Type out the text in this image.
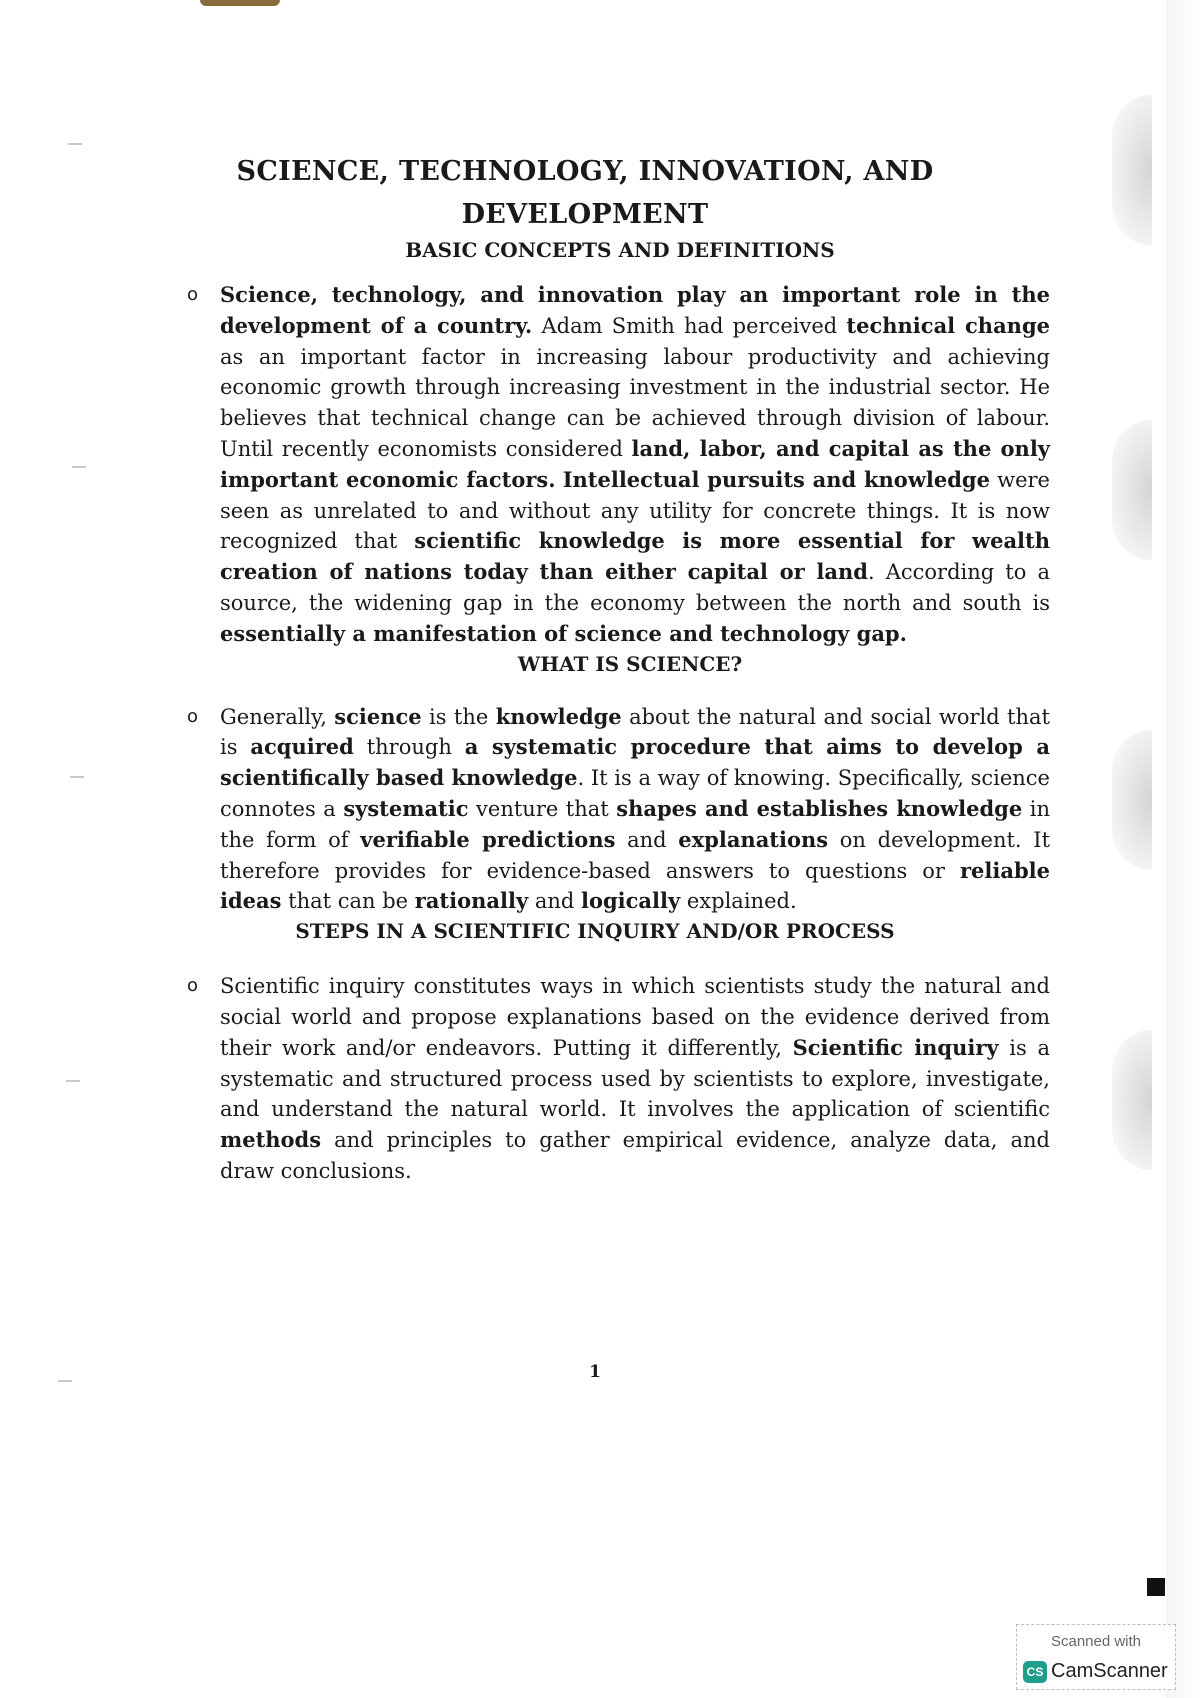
SCIENCE, TECHNOLOGY, INNOVATION, AND
DEVELOPMENT
BASIC CONCEPTS AND DEFINITIONS
o Science, technology, and innovation play an important role in the development of a country. Adam Smith had perceived technical change as an important factor in increasing labour productivity and achieving economic growth through increasing investment in the industrial sector. He believes that technical change can be achieved through division of labour. Until recently economists considered land, labor, and capital as the only important economic factors. Intellectual pursuits and knowledge were seen as unrelated to and without any utility for concrete things. It is now recognized that scientific knowledge is more essential for wealth creation of nations today than either capital or land. According to a source, the widening gap in the economy between the north and south is essentially a manifestation of science and technology gap.

WHAT IS SCIENCE?
o Generally, science is the knowledge about the natural and social world that is acquired through a systematic procedure that aims to develop a scientifically based knowledge. It is a way of knowing. Specifically, science connotes a systematic venture that shapes and establishes knowledge in the form of verifiable predictions and explanations on development. It therefore provides for evidence-based answers to questions or reliable ideas that can be rationally and logically explained.

STEPS IN A SCIENTIFIC INQUIRY AND/OR PROCESS
o Scientific inquiry constitutes ways in which scientists study the natural and social world and propose explanations based on the evidence derived from their work and/or endeavors. Putting it differently, Scientific inquiry is a systematic and structured process used by scientists to explore, investigate, and understand the natural world. It involves the application of scientific methods and principles to gather empirical evidence, analyze data, and draw conclusions.

1
Scanned with
CS CamScanner
